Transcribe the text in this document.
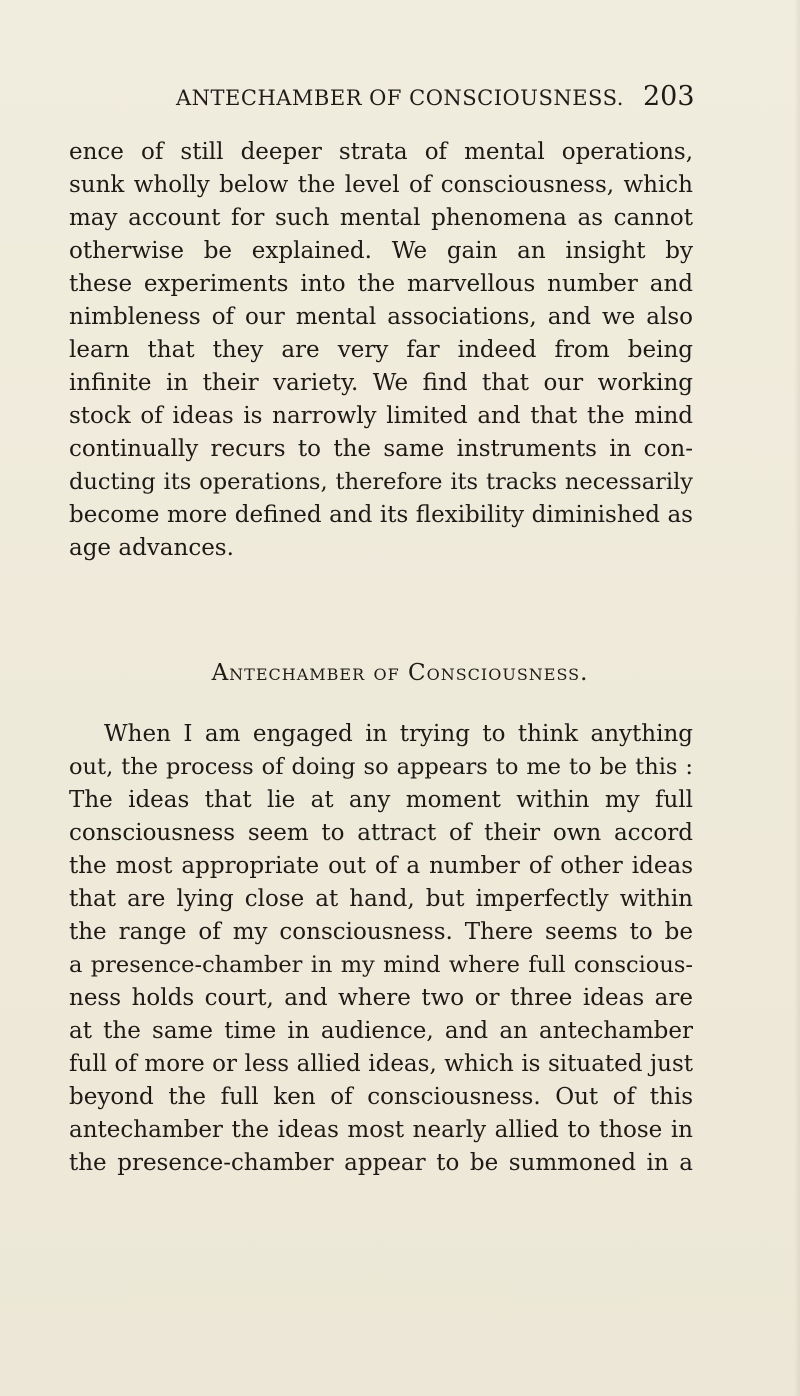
ANTECHAMBER OF CONSCIOUSNESS. 203
ence of still deeper strata of mental operations,
sunk wholly below the level of consciousness, which
may account for such mental phenomena as cannot
otherwise be explained. We gain an insight by
these experiments into the marvellous number and
nimbleness of our mental associations, and we also
learn that they are very far indeed from being
infinite in their variety. We find that our working
stock of ideas is narrowly limited and that the mind
continually recurs to the same instruments in con-
ducting its operations, therefore its tracks necessarily
become more defined and its flexibility diminished as
age advances.
Antechamber of Consciousness.
When I am engaged in trying to think anything
out, the process of doing so appears to me to be this :
The ideas that lie at any moment within my full
consciousness seem to attract of their own accord
the most appropriate out of a number of other ideas
that are lying close at hand, but imperfectly within
the range of my consciousness. There seems to be
a presence-chamber in my mind where full conscious-
ness holds court, and where two or three ideas are
at the same time in audience, and an antechamber
full of more or less allied ideas, which is situated just
beyond the full ken of consciousness. Out of this
antechamber the ideas most nearly allied to those in
the presence-chamber appear to be summoned in a
